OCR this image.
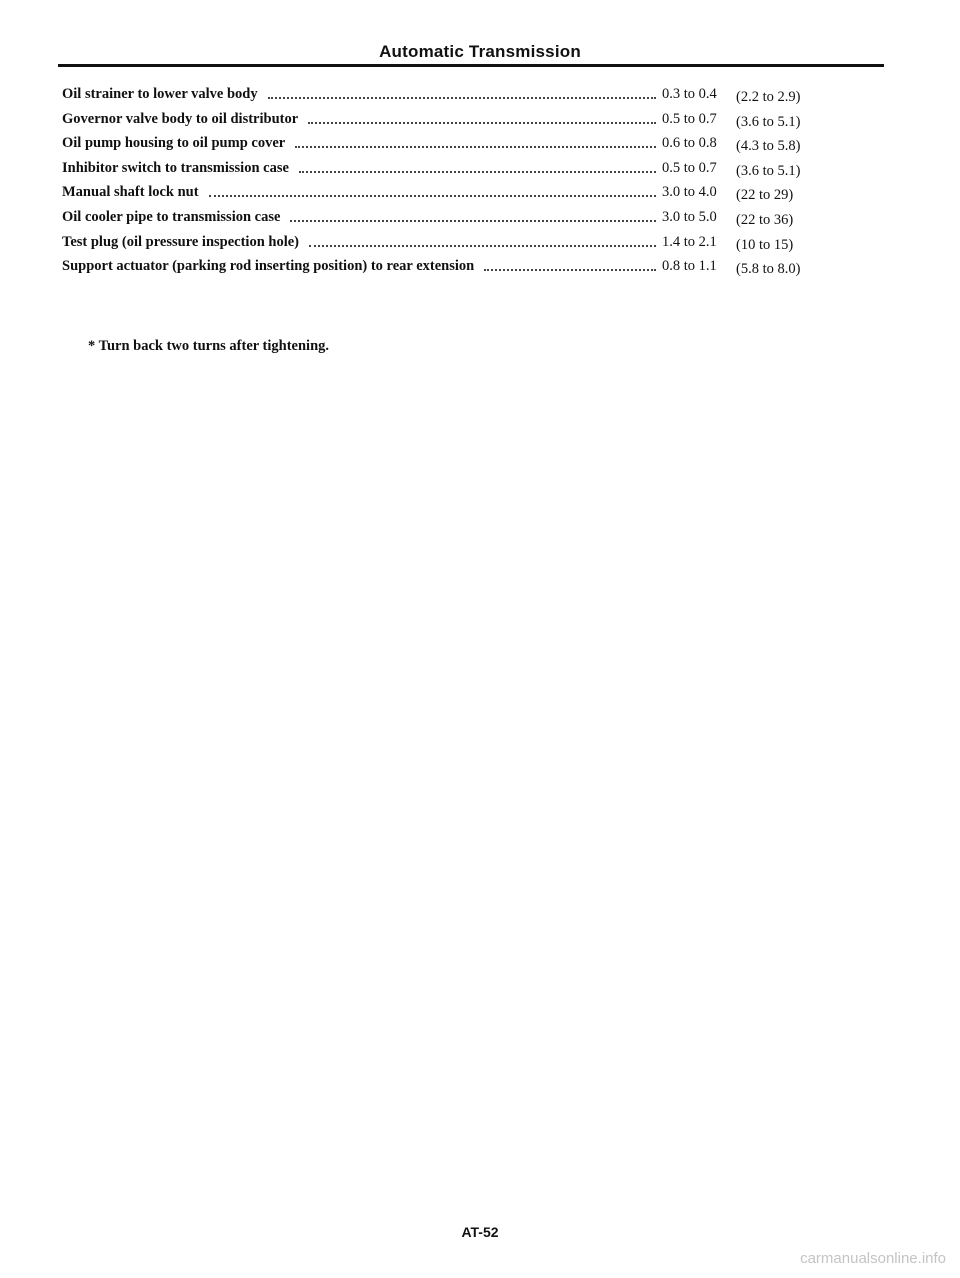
Automatic Transmission
Oil strainer to lower valve body	0.3 to 0.4 (2.2 to 2.9)
Governor valve body to oil distributor	0.5 to 0.7 (3.6 to 5.1)
Oil pump housing to oil pump cover	0.6 to 0.8 (4.3 to 5.8)
Inhibitor switch to transmission case	0.5 to 0.7 (3.6 to 5.1)
Manual shaft lock nut	3.0 to 4.0 (22 to 29)
Oil cooler pipe to transmission case	3.0 to 5.0 (22 to 36)
Test plug (oil pressure inspection hole)	1.4 to 2.1 (10 to 15)
Support actuator (parking rod inserting position) to rear extension	0.8 to 1.1 (5.8 to 8.0)
* Turn back two turns after tightening.
AT-52
carmanualsonline.info
